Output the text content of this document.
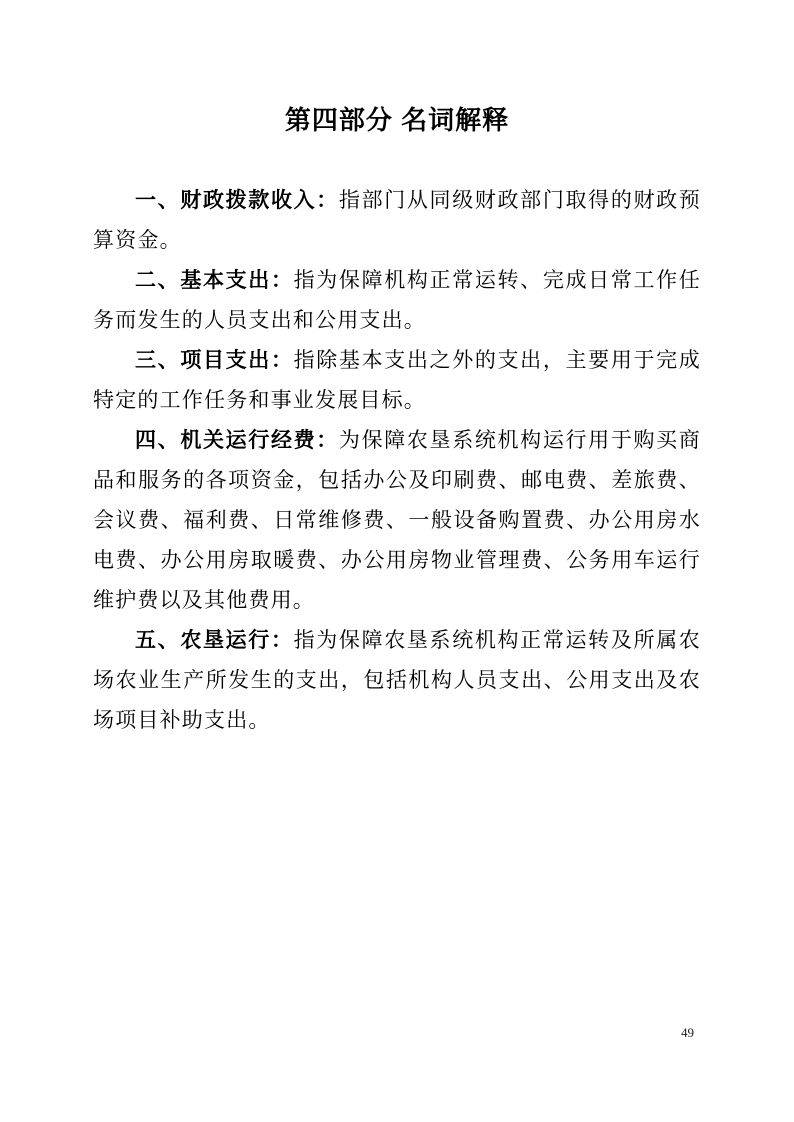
第四部分 名词解释

一、财政拨款收入：指部门从同级财政部门取得的财政预算资金。

二、基本支出：指为保障机构正常运转、完成日常工作任务而发生的人员支出和公用支出。

三、项目支出：指除基本支出之外的支出，主要用于完成特定的工作任务和事业发展目标。

四、机关运行经费：为保障农垦系统机构运行用于购买商品和服务的各项资金，包括办公及印刷费、邮电费、差旅费、会议费、福利费、日常维修费、一般设备购置费、办公用房水电费、办公用房取暖费、办公用房物业管理费、公务用车运行维护费以及其他费用。

五、农垦运行：指为保障农垦系统机构正常运转及所属农场农业生产所发生的支出，包括机构人员支出、公用支出及农场项目补助支出。

49
